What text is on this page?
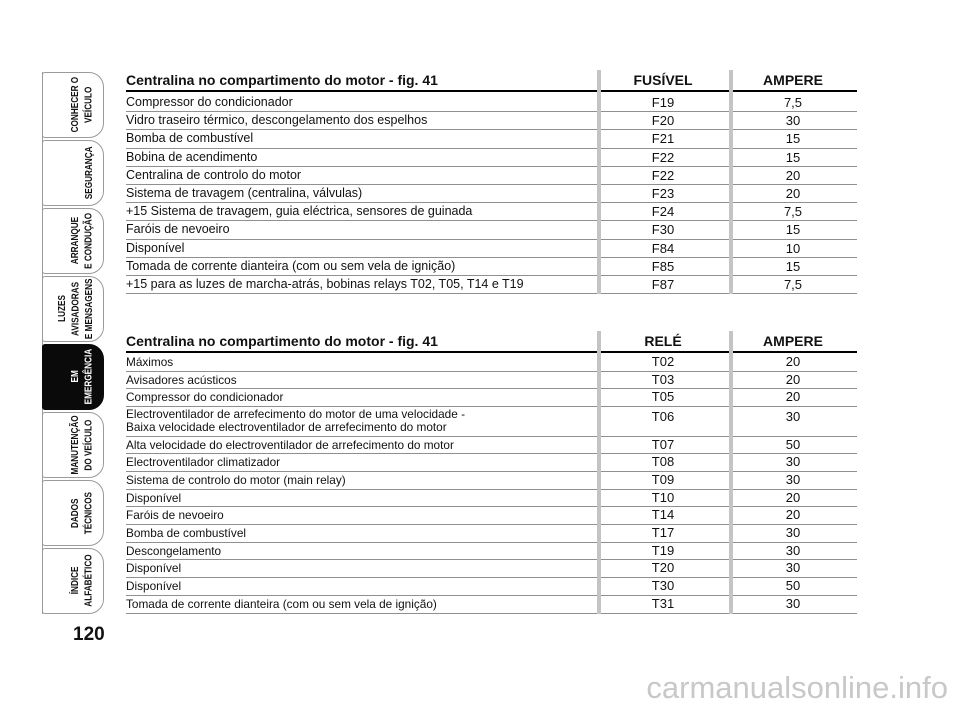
CONHECER O VEÍCULO
SEGURANÇA
ARRANQUE E CONDUÇÃO
LUZES AVISADORAS E MENSAGENS
EM EMERGÊNCIA
MANUTENÇÃO DO VEÍCULO
DADOS TÉCNICOS
ÍNDICE ALFABÉTICO
120
Centralina no compartimento do motor - fig. 41	FUSÍVEL	AMPERE
Compressor do condicionador	F19	7,5
Vidro traseiro térmico, descongelamento dos espelhos	F20	30
Bomba de combustível	F21	15
Bobina de acendimento	F22	15
Centralina de controlo do motor	F22	20
Sistema de travagem (centralina, válvulas)	F23	20
+15 Sistema de travagem, guia eléctrica, sensores de guinada	F24	7,5
Faróis de nevoeiro	F30	15
Disponível	F84	10
Tomada de corrente dianteira (com ou sem vela de ignição)	F85	15
+15 para as luzes de marcha-atrás, bobinas relays T02, T05, T14 e T19	F87	7,5
Centralina no compartimento do motor - fig. 41	RELÉ	AMPERE
Máximos	T02	20
Avisadores acústicos	T03	20
Compressor do condicionador	T05	20
Electroventilador de arrefecimento do motor de uma velocidade -
Baixa velocidade electroventilador de arrefecimento do motor
T06	30
Alta velocidade do electroventilador de arrefecimento do motor	T07	50
Electroventilador climatizador	T08	30
Sistema de controlo do motor (main relay)	T09	30
Disponível	T10	20
Faróis de nevoeiro	T14	20
Bomba de combustível	T17	30
Descongelamento	T19	30
Disponível	T20	30
Disponível	T30	50
Tomada de corrente dianteira (com ou sem vela de ignição)	T31	30
carmanualsonline.info
